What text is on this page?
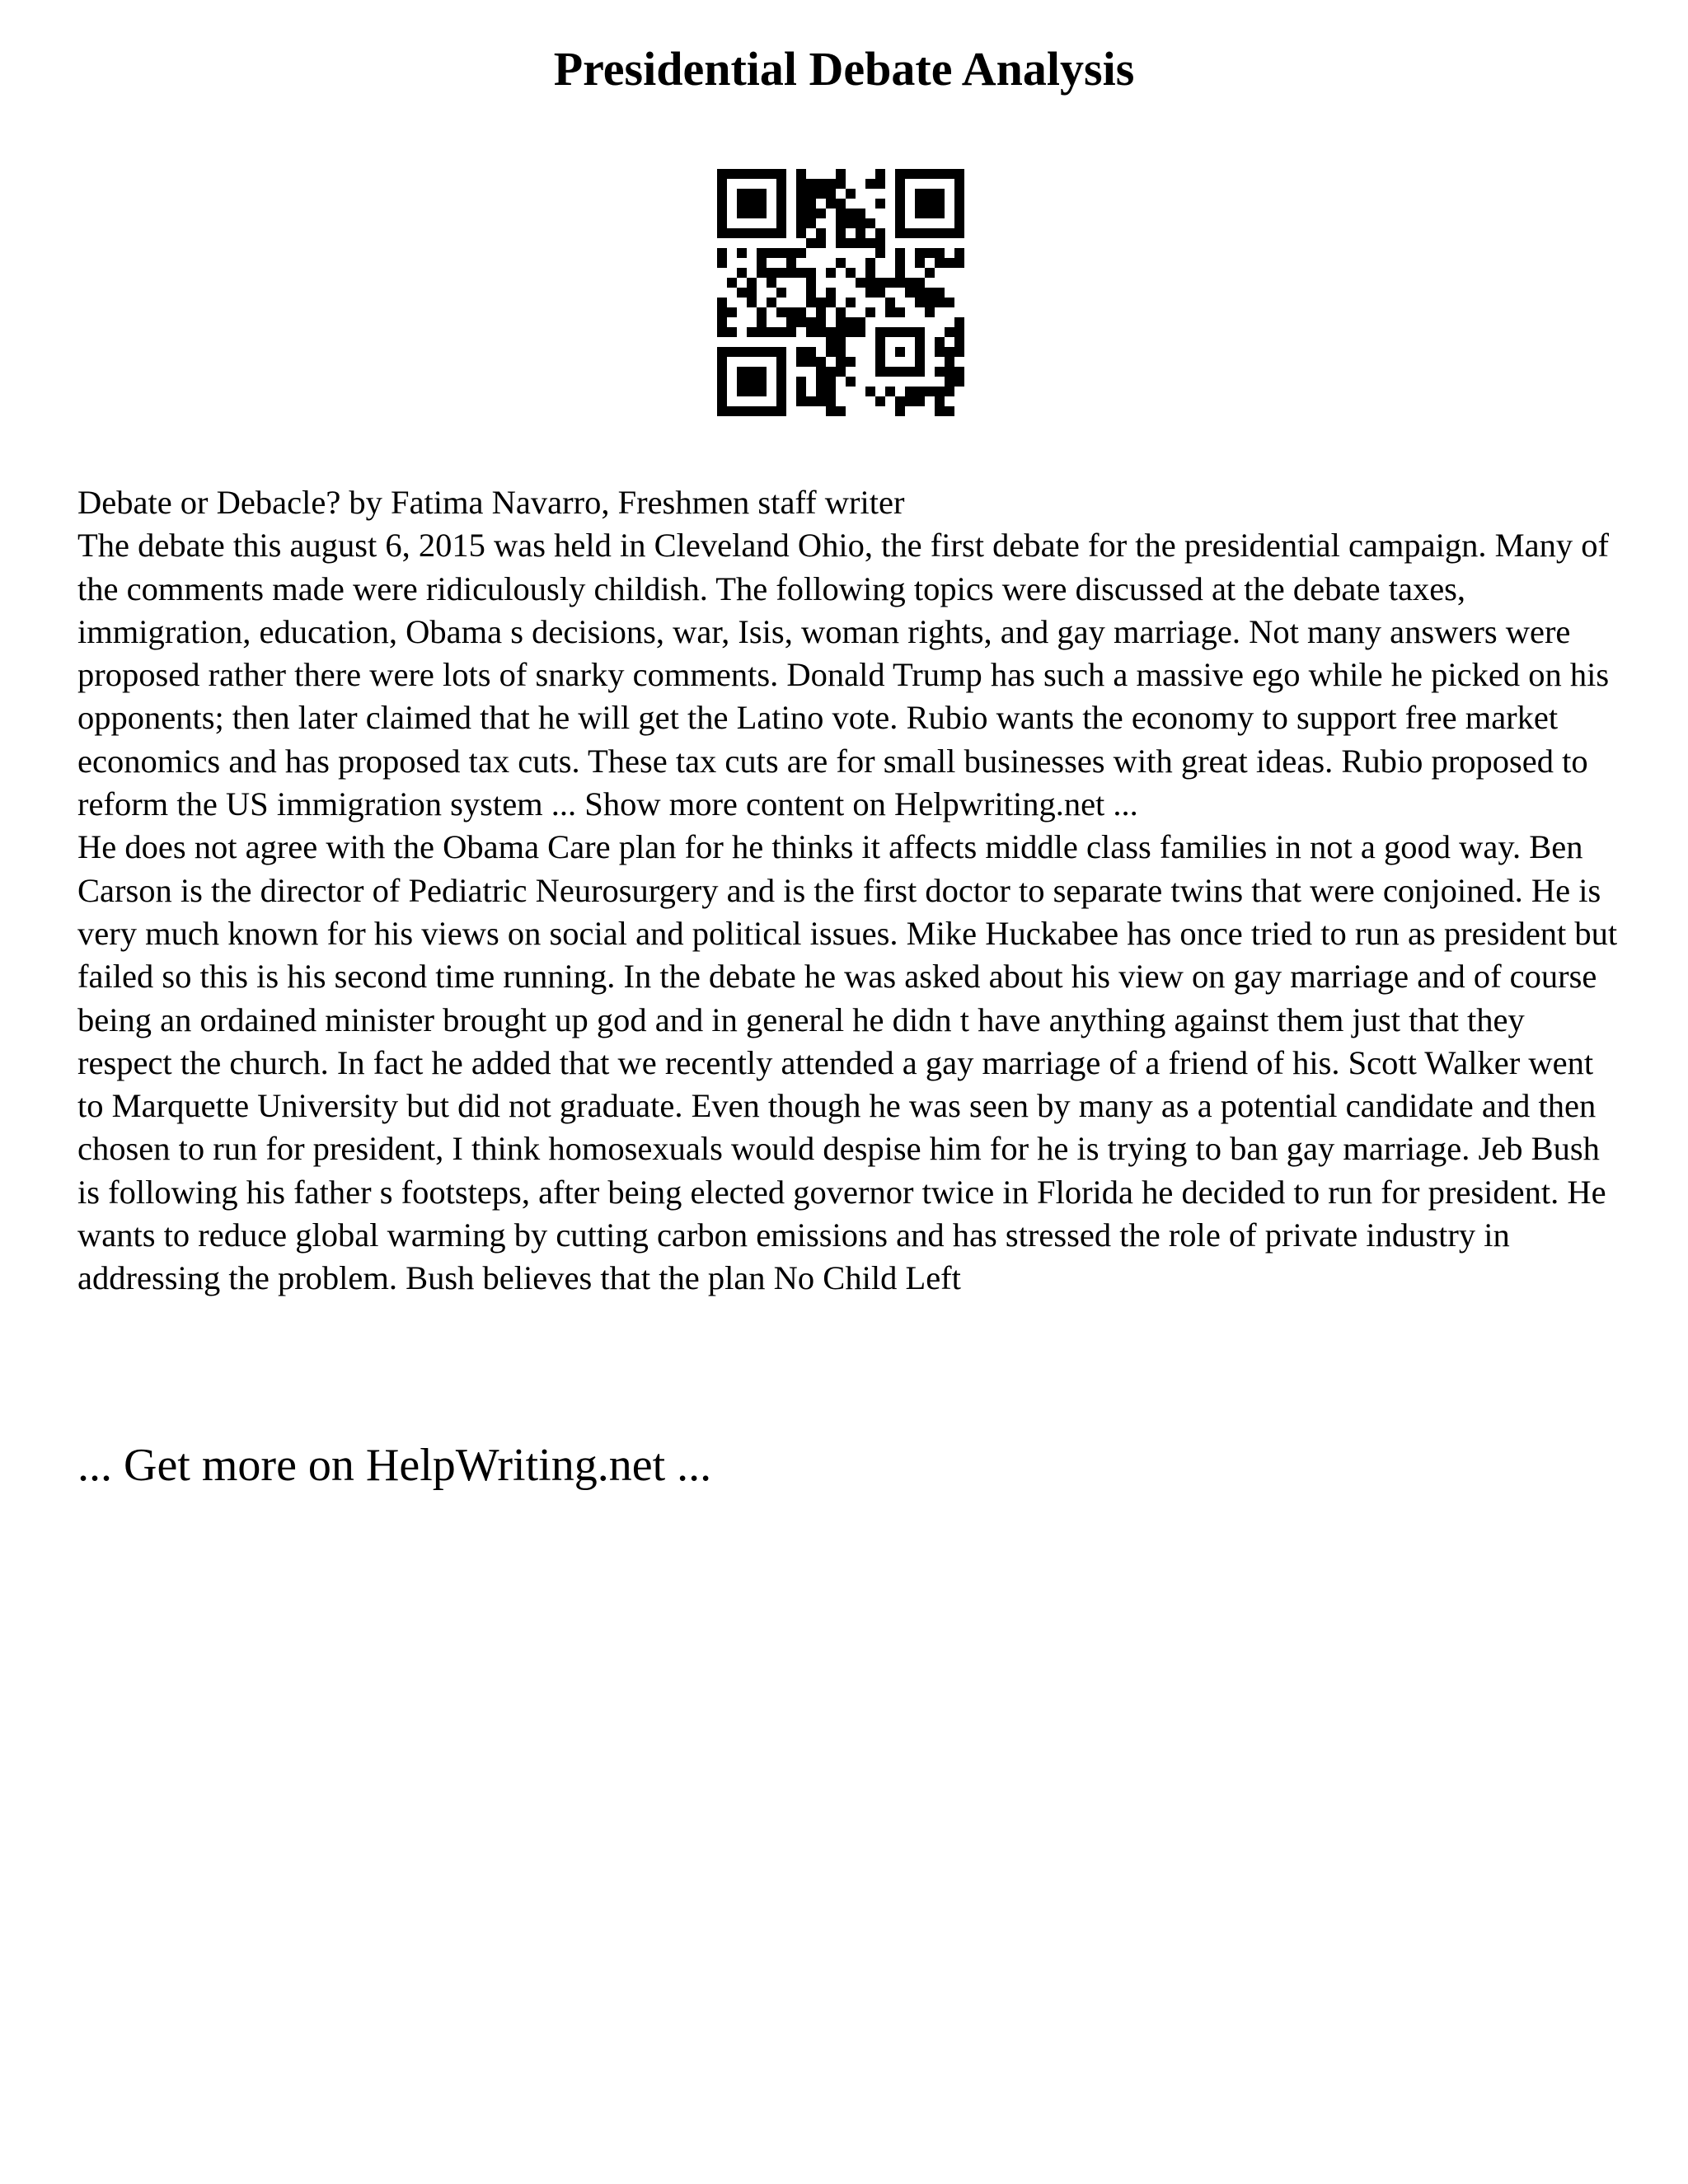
Presidential Debate Analysis

Debate or Debacle? by Fatima Navarro, Freshmen staff writer

The debate this august 6, 2015 was held in Cleveland Ohio, the first debate for the presidential campaign. Many of the comments made were ridiculously childish. The following topics were discussed at the debate taxes, immigration, education, Obama s decisions, war, Isis, woman rights, and gay marriage. Not many answers were proposed rather there were lots of snarky comments. Donald Trump has such a massive ego while he picked on his opponents; then later claimed that he will get the Latino vote. Rubio wants the economy to support free market economics and has proposed tax cuts. These tax cuts are for small businesses with great ideas. Rubio proposed to reform the US immigration system ... Show more content on Helpwriting.net ...

He does not agree with the Obama Care plan for he thinks it affects middle class families in not a good way. Ben Carson is the director of Pediatric Neurosurgery and is the first doctor to separate twins that were conjoined. He is very much known for his views on social and political issues. Mike Huckabee has once tried to run as president but failed so this is his second time running. In the debate he was asked about his view on gay marriage and of course being an ordained minister brought up god and in general he didn t have anything against them just that they respect the church. In fact he added that we recently attended a gay marriage of a friend of his. Scott Walker went to Marquette University but did not graduate. Even though he was seen by many as a potential candidate and then chosen to run for president, I think homosexuals would despise him for he is trying to ban gay marriage. Jeb Bush is following his father s footsteps, after being elected governor twice in Florida he decided to run for president. He wants to reduce global warming by cutting carbon emissions and has stressed the role of private industry in addressing the problem. Bush believes that the plan No Child Left

... Get more on HelpWriting.net ...
